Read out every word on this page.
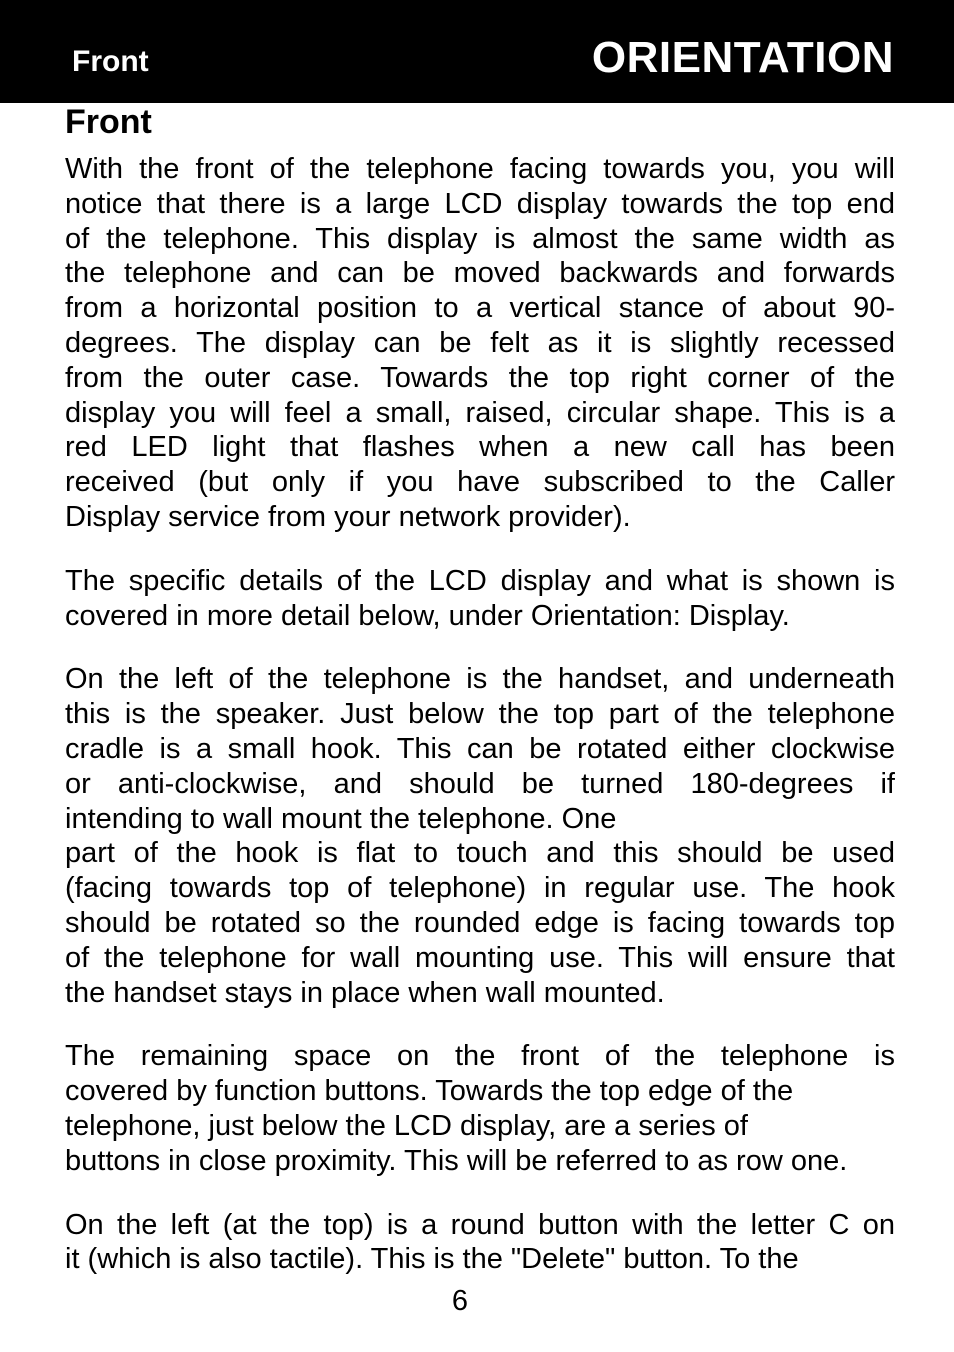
Front	ORIENTATION
Front

With the front of the telephone facing towards you, you will
notice that there is a large LCD display towards the top end
of the telephone. This display is almost the same width as
the telephone and can be moved backwards and forwards
from a horizontal position to a vertical stance of about 90-
degrees. The display can be felt as it is slightly recessed
from the outer case. Towards the top right corner of the
display you will feel a small, raised, circular shape. This is a
red LED light that flashes when a new call has been
received (but only if you have subscribed to the Caller
Display service from your network provider).

The specific details of the LCD display and what is shown is
covered in more detail below, under Orientation: Display.

On the left of the telephone is the handset, and underneath
this is the speaker. Just below the top part of the telephone
cradle is a small hook. This can be rotated either clockwise
or anti-clockwise, and should be turned 180-degrees if
intending to wall mount the telephone. One
part of the hook is flat to touch and this should be used
(facing towards top of telephone) in regular use. The hook
should be rotated so the rounded edge is facing towards top
of the telephone for wall mounting use. This will ensure that
the handset stays in place when wall mounted.

The remaining space on the front of the telephone is
covered by function buttons. Towards the top edge of the
telephone, just below the LCD display, are a series of
buttons in close proximity. This will be referred to as row one.

On the left (at the top) is a round button with the letter C on
it (which is also tactile). This is the "Delete" button. To the

6
